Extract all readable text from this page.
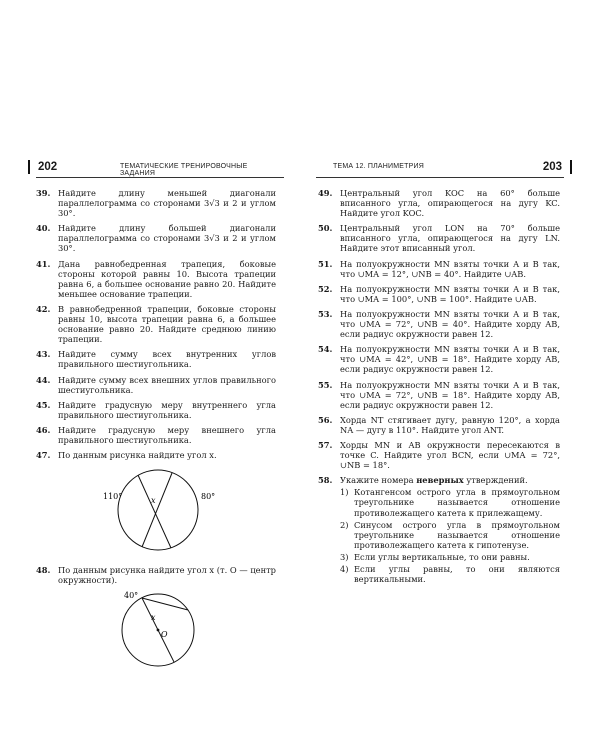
202	ТЕМАТИЧЕСКИЕ ТРЕНИРОВОЧНЫЕ ЗАДАНИЯ
39. Найдите длину меньшей диагонали параллелограмма со сторонами 3√3 и 2 и углом 30°.
40. Найдите длину большей диагонали параллелограмма со сторонами 3√3 и 2 и углом 30°.
41. Дана равнобедренная трапеция, боковые стороны которой равны 10. Высота трапеции равна 6, а большее основание равно 20. Найдите меньшее основание трапеции.
42. В равнобедренной трапеции, боковые стороны равны 10, высота трапеции равна 6, а большее основание равно 20. Найдите среднюю линию трапеции.
43. Найдите сумму всех внутренних углов правильного шестиугольника.
44. Найдите сумму всех внешних углов правильного шестиугольника.
45. Найдите градусную меру внутреннего угла правильного шестиугольника.
46. Найдите градусную меру внешнего угла правильного шестиугольника.
47. По данным рисунка найдите угол x.
110°	80°
x
48. По данным рисунка найдите угол x (т. O — центр окружности).
40°
x
O
ТЕМА 12. ПЛАНИМЕТРИЯ	203
49. Центральный угол KOC на 60° больше вписанного угла, опирающегося на дугу KC. Найдите угол KOC.
50. Центральный угол LON на 70° больше вписанного угла, опирающегося на дугу LN. Найдите этот вписанный угол.
51. На полуокружности MN взяты точки A и B так, что ∪MA = 12°, ∪NB = 40°. Найдите ∪AB.
52. На полуокружности MN взяты точки A и B так, что ∪MA = 100°, ∪NB = 100°. Найдите ∪AB.
53. На полуокружности MN взяты точки A и B так, что ∪MA = 72°, ∪NB = 40°. Найдите хорду AB, если радиус окружности равен 12.
54. На полуокружности MN взяты точки A и B так, что ∪MA = 42°, ∪NB = 18°. Найдите хорду AB, если радиус окружности равен 12.
55. На полуокружности MN взяты точки A и B так, что ∪MA = 72°, ∪NB = 18°. Найдите хорду AB, если радиус окружности равен 12.
56. Хорда NT стягивает дугу, равную 120°, а хорда NA — дугу в 110°. Найдите угол ANT.
57. Хорды MN и AB окружности пересекаются в точке C. Найдите угол BCN, если ∪MA = 72°, ∪NB = 18°.
58. Укажите номера неверных утверждений.
1) Котангенсом острого угла в прямоугольном треугольнике называется отношение противолежащего катета к прилежащему.
2) Синусом острого угла в прямоугольном треугольнике называется отношение противолежащего катета к гипотенузе.
3) Если углы вертикальные, то они равны.
4) Если углы равны, то они являются вертикальными.
